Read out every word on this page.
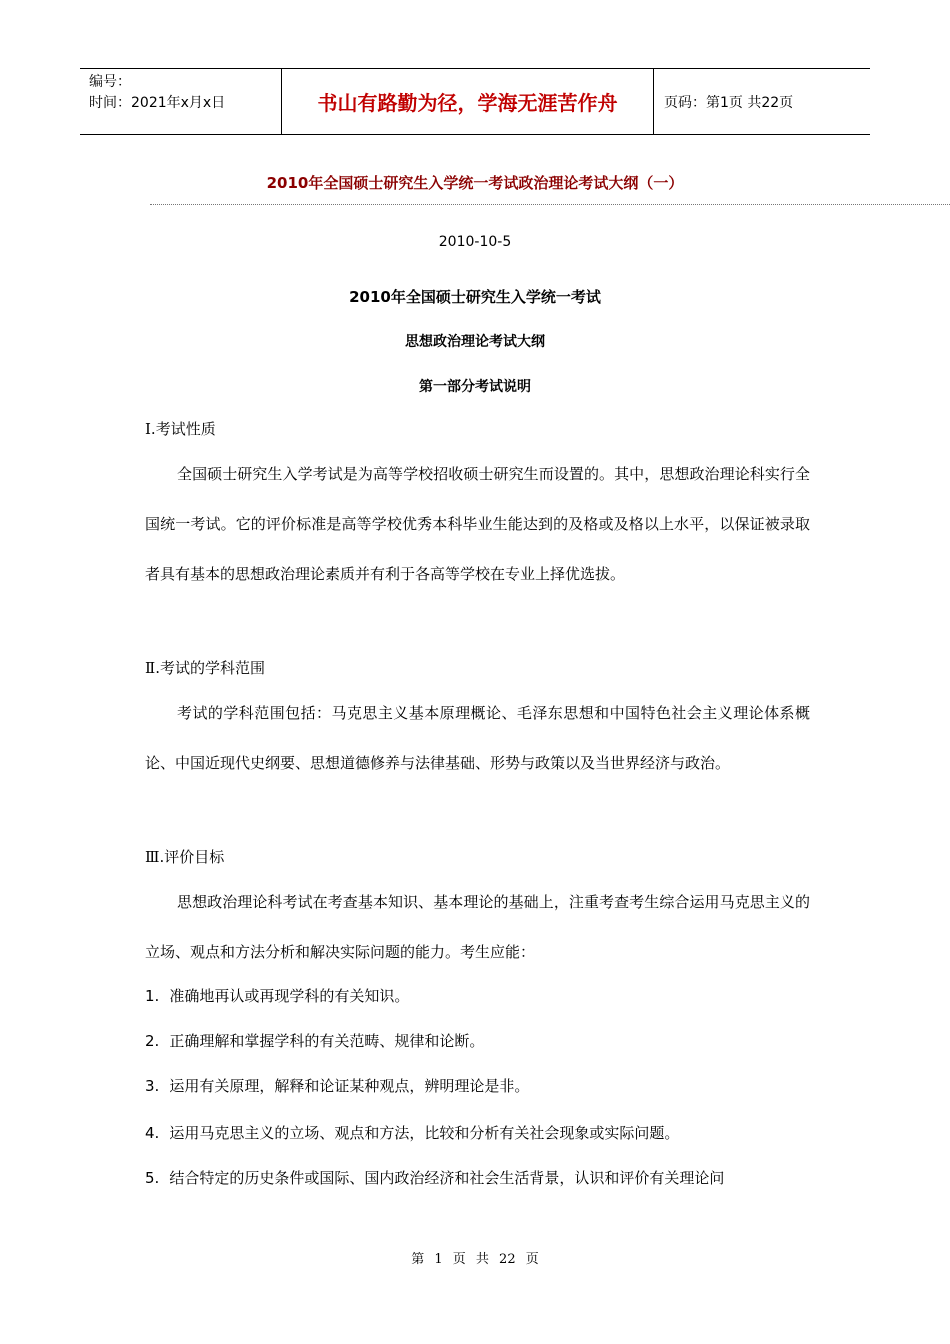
编号：
时间：2021年x月x日	书山有路勤为径，学海无涯苦作舟	页码：第1页 共22页
2010年全国硕士研究生入学统一考试政治理论考试大纲（一）
2010-10-5
2010年全国硕士研究生入学统一考试
思想政治理论考试大纲
第一部分考试说明
Ⅰ.考试性质

全国硕士研究生入学考试是为高等学校招收硕士研究生而设置的。其中，思想政治理论科实行全国统一考试。它的评价标准是高等学校优秀本科毕业生能达到的及格或及格以上水平，以保证被录取者具有基本的思想政治理论素质并有利于各高等学校在专业上择优选拔。

Ⅱ.考试的学科范围

考试的学科范围包括：马克思主义基本原理概论、毛泽东思想和中国特色社会主义理论体系概论、中国近现代史纲要、思想道德修养与法律基础、形势与政策以及当世界经济与政治。

Ⅲ.评价目标

思想政治理论科考试在考查基本知识、基本理论的基础上，注重考查考生综合运用马克思主义的立场、观点和方法分析和解决实际问题的能力。考生应能：

1. 准确地再认或再现学科的有关知识。
2. 正确理解和掌握学科的有关范畴、规律和论断。
3. 运用有关原理，解释和论证某种观点，辨明理论是非。
4. 运用马克思主义的立场、观点和方法，比较和分析有关社会现象或实际问题。
5. 结合特定的历史条件或国际、国内政治经济和社会生活背景，认识和评价有关理论问
第 1 页 共 22 页
